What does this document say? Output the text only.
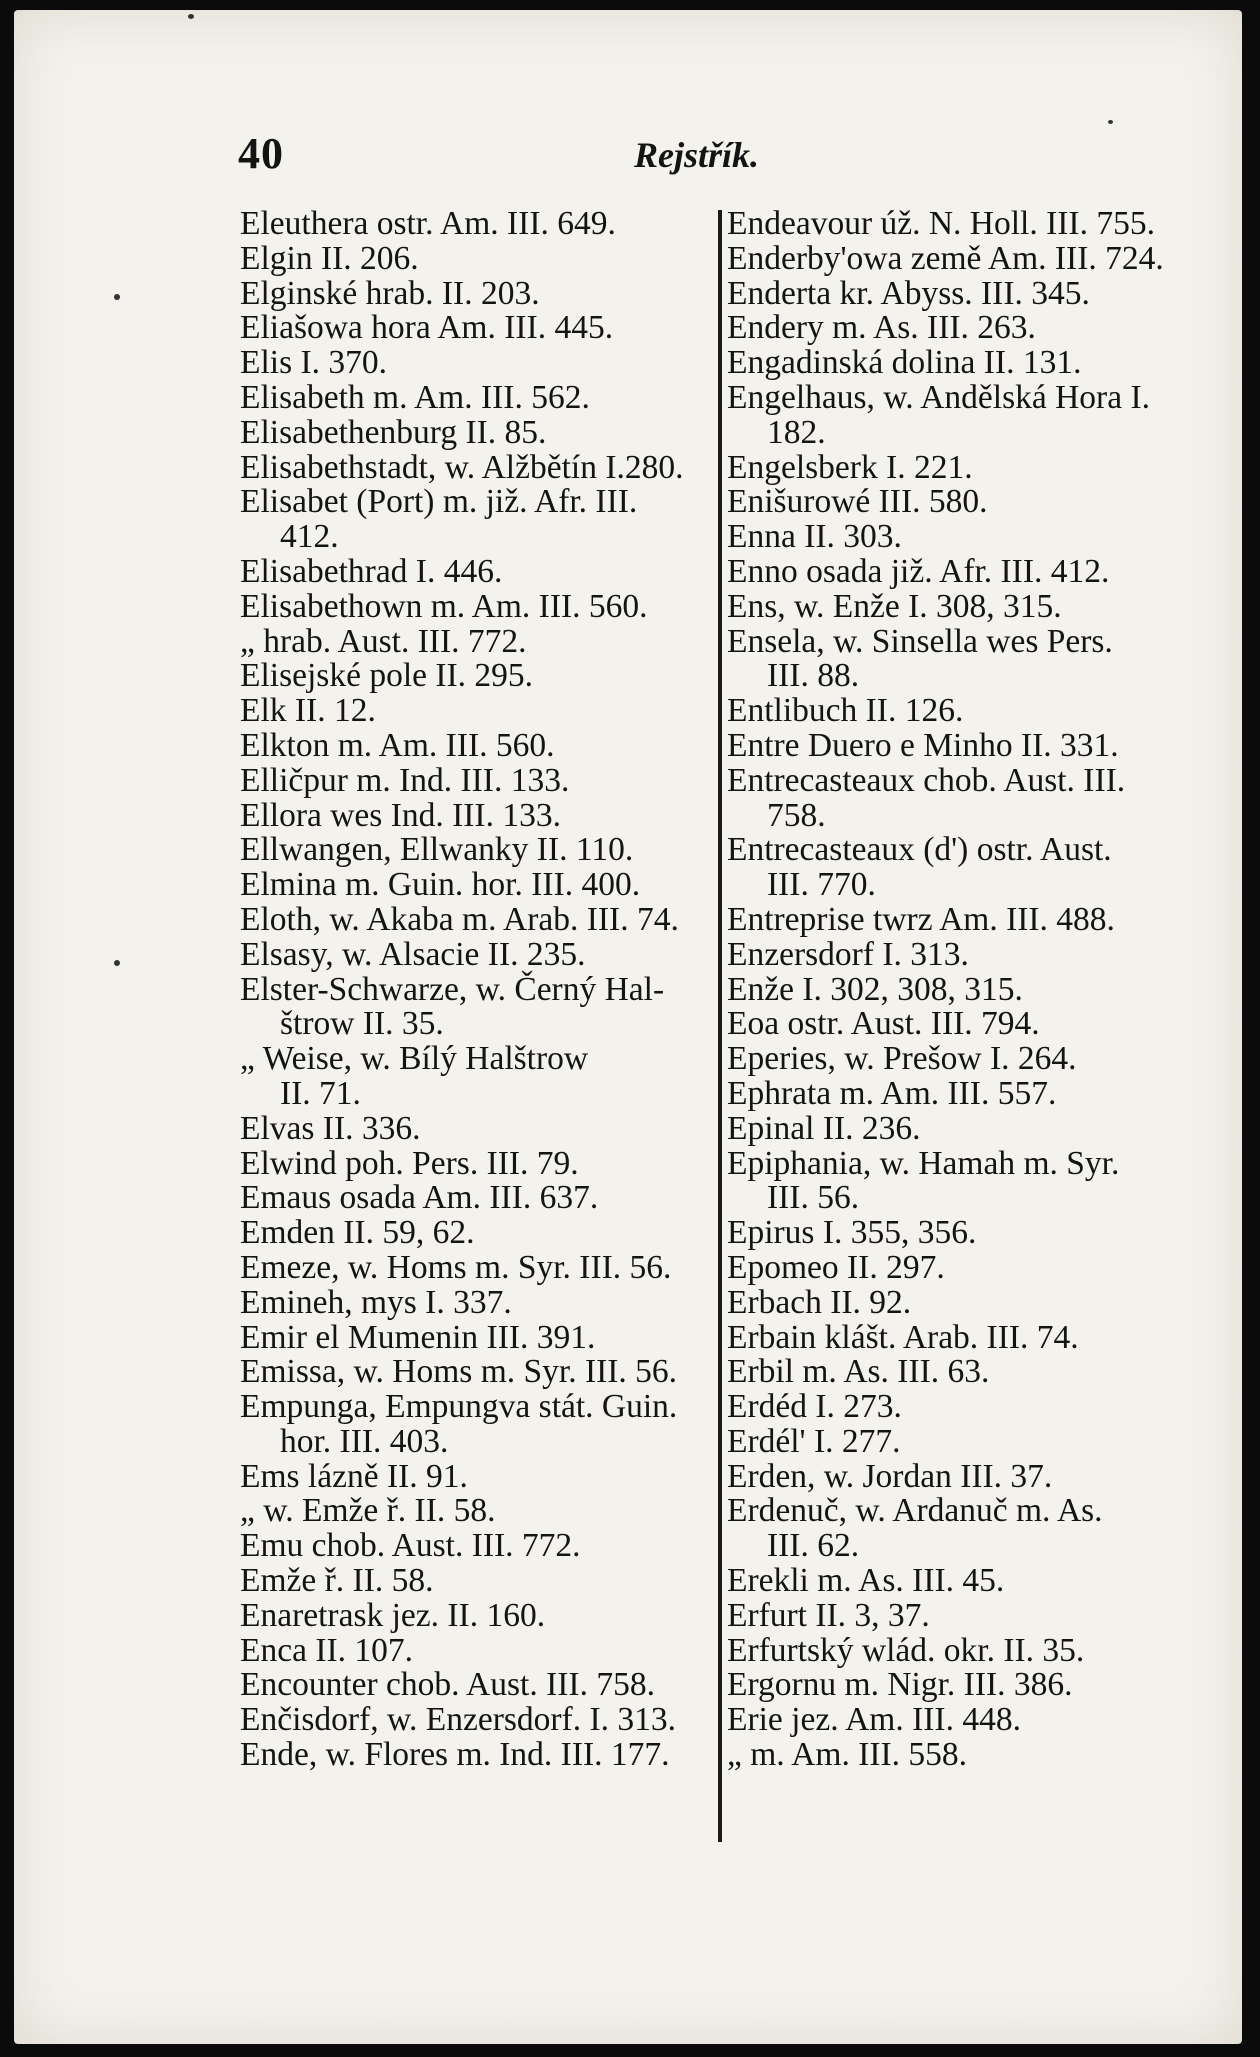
40	Rejstřík.
Eleuthera ostr. Am. III. 649.
Elgin II. 206.
Elginské hrab. II. 203.
Eliašowa hora Am. III. 445.
Elis I. 370.
Elisabeth m. Am. III. 562.
Elisabethenburg II. 85.
Elisabethstadt, w. Alžbětín I.280.
Elisabet (Port) m. již. Afr. III.
412.
Elisabethrad I. 446.
Elisabethown m. Am. III. 560.
„ hrab. Aust. III. 772.
Elisejské pole II. 295.
Elk II. 12.
Elkton m. Am. III. 560.
Elličpur m. Ind. III. 133.
Ellora wes Ind. III. 133.
Ellwangen, Ellwanky II. 110.
Elmina m. Guin. hor. III. 400.
Eloth, w. Akaba m. Arab. III. 74.
Elsasy, w. Alsacie II. 235.
Elster-Schwarze, w. Černý Hal-
štrow II. 35.
„ Weise, w. Bílý Halštrow
II. 71.
Elvas II. 336.
Elwind poh. Pers. III. 79.
Emaus osada Am. III. 637.
Emden II. 59, 62.
Emeze, w. Homs m. Syr. III. 56.
Emineh, mys I. 337.
Emir el Mumenin III. 391.
Emissa, w. Homs m. Syr. III. 56.
Empunga, Empungva stát. Guin.
hor. III. 403.
Ems lázně II. 91.
„ w. Emže ř. II. 58.
Emu chob. Aust. III. 772.
Emže ř. II. 58.
Enaretrask jez. II. 160.
Enca II. 107.
Encounter chob. Aust. III. 758.
Enčisdorf, w. Enzersdorf. I. 313.
Ende, w. Flores m. Ind. III. 177.
Endeavour úž. N. Holl. III. 755.
Enderby'owa země Am. III. 724.
Enderta kr. Abyss. III. 345.
Endery m. As. III. 263.
Engadinská dolina II. 131.
Engelhaus, w. Andělská Hora I.
182.
Engelsberk I. 221.
Enišurowé III. 580.
Enna II. 303.
Enno osada již. Afr. III. 412.
Ens, w. Enže I. 308, 315.
Ensela, w. Sinsella wes Pers.
III. 88.
Entlibuch II. 126.
Entre Duero e Minho II. 331.
Entrecasteaux chob. Aust. III.
758.
Entrecasteaux (d') ostr. Aust.
III. 770.
Entreprise twrz Am. III. 488.
Enzersdorf I. 313.
Enže I. 302, 308, 315.
Eoa ostr. Aust. III. 794.
Eperies, w. Prešow I. 264.
Ephrata m. Am. III. 557.
Epinal II. 236.
Epiphania, w. Hamah m. Syr.
III. 56.
Epirus I. 355, 356.
Epomeo II. 297.
Erbach II. 92.
Erbain klášt. Arab. III. 74.
Erbil m. As. III. 63.
Erdéd I. 273.
Erdél' I. 277.
Erden, w. Jordan III. 37.
Erdenuč, w. Ardanuč m. As.
III. 62.
Erekli m. As. III. 45.
Erfurt II. 3, 37.
Erfurtský wlád. okr. II. 35.
Ergornu m. Nigr. III. 386.
Erie jez. Am. III. 448.
„ m. Am. III. 558.
